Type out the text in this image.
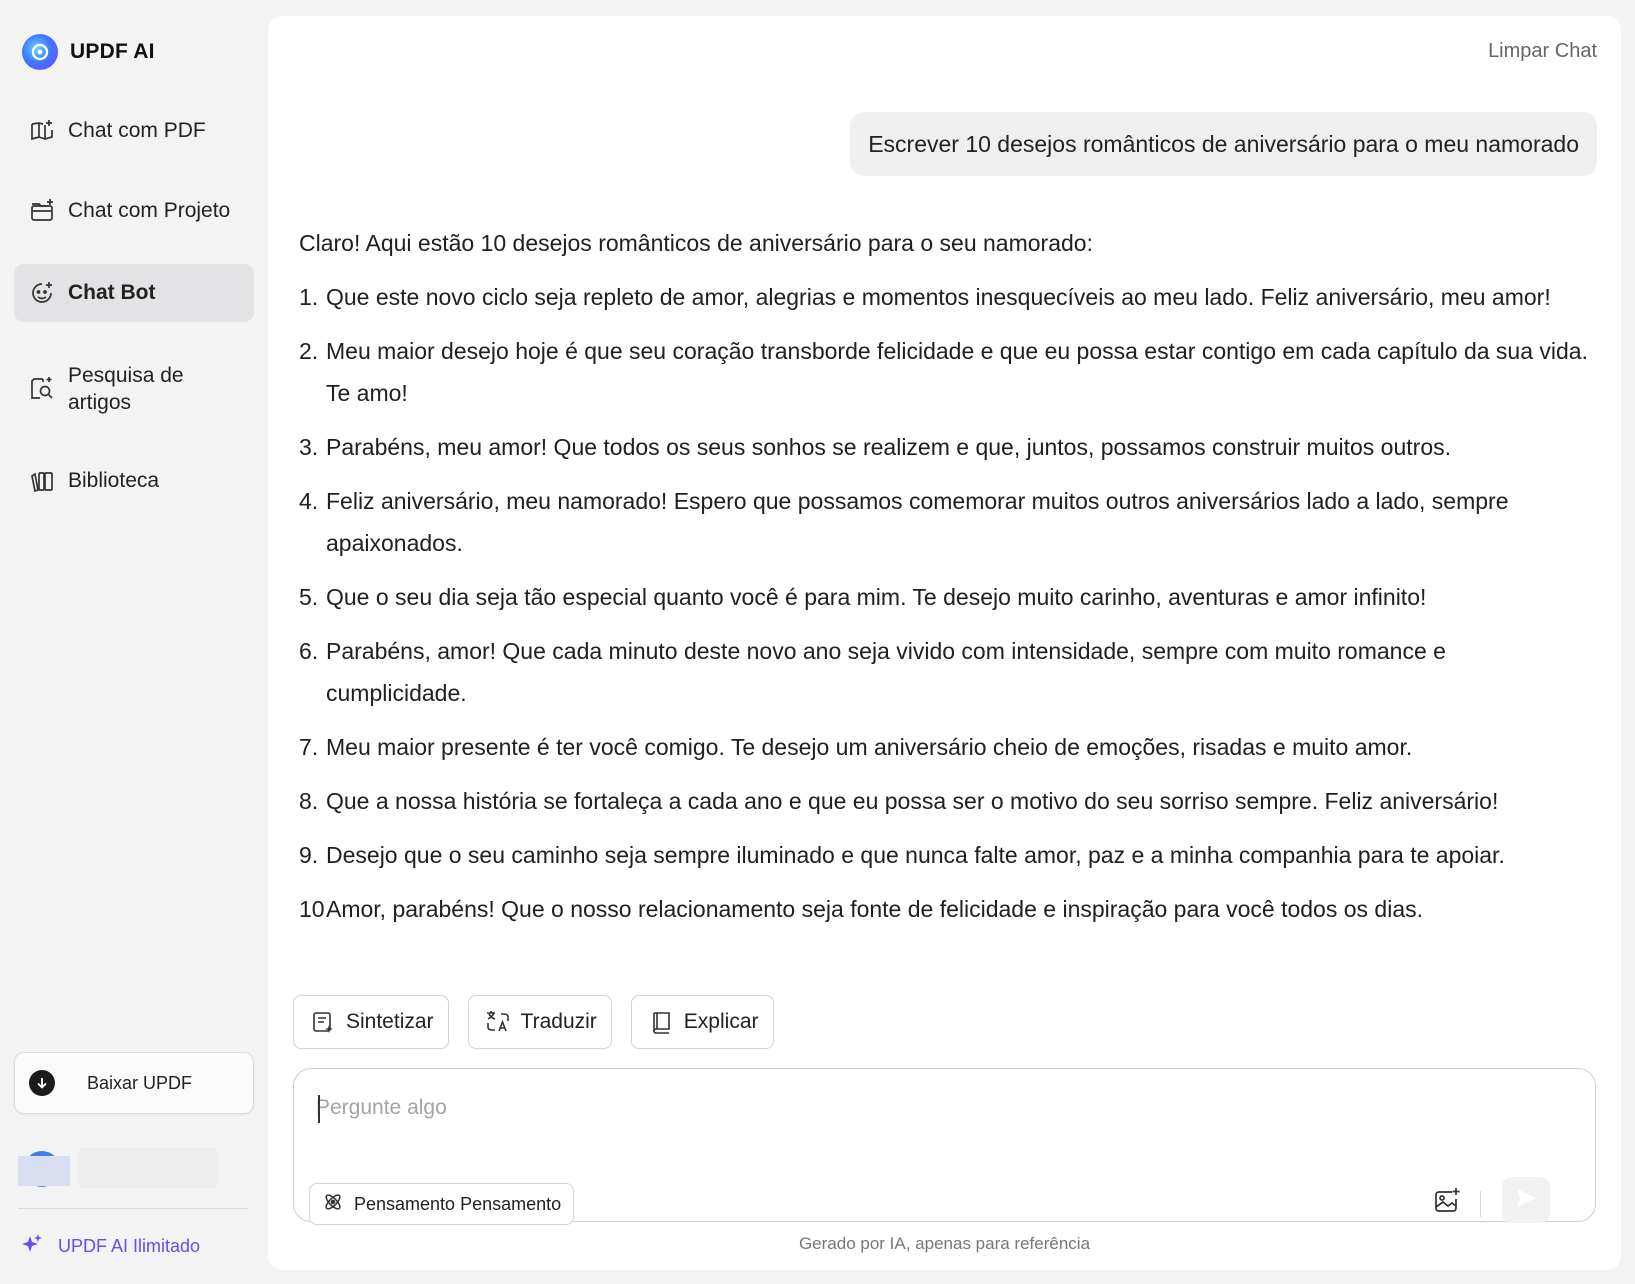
UPDF AI
Chat com PDF
Chat com Projeto
Chat Bot
Pesquisa de artigos
Biblioteca
Baixar UPDF
UPDF AI Ilimitado
Limpar Chat
Escrever 10 desejos românticos de aniversário para o meu namorado
Claro! Aqui estão 10 desejos românticos de aniversário para o seu namorado:
1. Que este novo ciclo seja repleto de amor, alegrias e momentos inesquecíveis ao meu lado. Feliz aniversário, meu amor!
2. Meu maior desejo hoje é que seu coração transborde felicidade e que eu possa estar contigo em cada capítulo da sua vida. Te amo!
3. Parabéns, meu amor! Que todos os seus sonhos se realizem e que, juntos, possamos construir muitos outros.
4. Feliz aniversário, meu namorado! Espero que possamos comemorar muitos outros aniversários lado a lado, sempre apaixonados.
5. Que o seu dia seja tão especial quanto você é para mim. Te desejo muito carinho, aventuras e amor infinito!
6. Parabéns, amor! Que cada minuto deste novo ano seja vivido com intensidade, sempre com muito romance e cumplicidade.
7. Meu maior presente é ter você comigo. Te desejo um aniversário cheio de emoções, risadas e muito amor.
8. Que a nossa história se fortaleça a cada ano e que eu possa ser o motivo do seu sorriso sempre. Feliz aniversário!
9. Desejo que o seu caminho seja sempre iluminado e que nunca falte amor, paz e a minha companhia para te apoiar.
10 Amor, parabéns! Que o nosso relacionamento seja fonte de felicidade e inspiração para você todos os dias.
Sintetizar	Traduzir	Explicar
Pergunte algo
Pensamento Pensamento
Gerado por IA, apenas para referência
